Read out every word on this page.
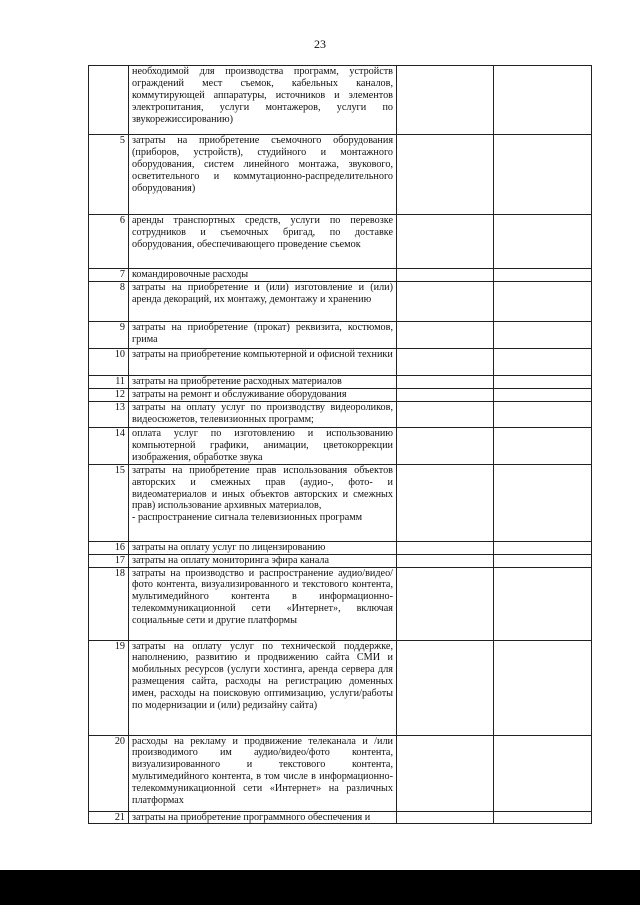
23
	необходимой для производства программ, устройств ограждений мест съемок, кабельных каналов, коммутирующей аппаратуры, источников и элементов электропитания, услуги монтажеров, услуги по звукорежиссированию)		
5	затраты на приобретение съемочного оборудования (приборов, устройств), студийного и монтажного оборудования, систем линейного монтажа, звукового, осветительного и коммутационно-распределительного оборудования)		
6	аренды транспортных средств, услуги по перевозке сотрудников и съемочных бригад, по доставке оборудования, обеспечивающего проведение съемок		
7	командировочные расходы		
8	затраты на приобретение и (или) изготовление и (или) аренда декораций, их монтажу, демонтажу и хранению		
9	затраты на приобретение (прокат) реквизита, костюмов, грима		
10	затраты на приобретение компьютерной и офисной техники		
11	затраты на приобретение расходных материалов		
12	затраты на ремонт и обслуживание оборудования		
13	затраты на оплату услуг по производству видеороликов, видеосюжетов, телевизионных программ;		
14	оплата услуг по изготовлению и использованию компьютерной графики, анимации, цветокоррекции изображения, обработке звука		
15	затраты на приобретение прав использования объектов авторских и смежных прав (аудио-, фото- и видеоматериалов и иных объектов авторских и смежных прав) использование архивных материалов,
- распространение сигнала телевизионных программ		

16	затраты на оплату услуг по лицензированию		
17	затраты на оплату мониторинга эфира канала		
18	затраты на производство и распространение аудио/видео/фото контента, визуализированного и текстового контента, мультимедийного контента в информационно-телекоммуникационной сети «Интернет», включая социальные сети и другие платформы		
19	затраты на оплату услуг по технической поддержке, наполнению, развитию и продвижению сайта СМИ и мобильных ресурсов (услуги хостинга, аренда сервера для размещения сайта, расходы на регистрацию доменных имен, расходы на поисковую оптимизацию, услуги/работы по модернизации и (или) редизайну сайта)		
20	расходы на рекламу и продвижение телеканала и /или производимого им аудио/видео/фото контента, визуализированного и текстового контента, мультимедийного контента, в том числе в информационно-телекоммуникационной сети «Интернет» на различных платформах		
21	затраты на приобретение программного обеспечения и		
